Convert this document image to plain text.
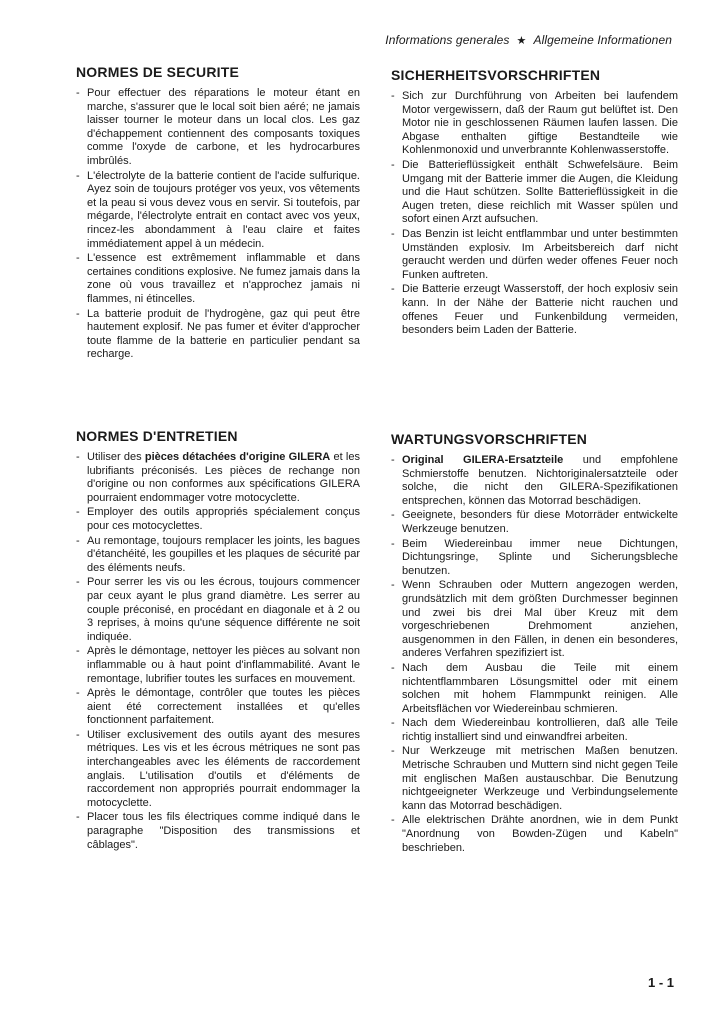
Informations generales ★ Allgemeine Informationen
NORMES DE SECURITE
- Pour effectuer des réparations le moteur étant en marche, s'assurer que le local soit bien aéré; ne jamais laisser tourner le moteur dans un local clos. Les gaz d'échappement contiennent des composants toxiques comme l'oxyde de carbone, et les hydrocarbures imbrûlés.
- L'électrolyte de la batterie contient de l'acide sulfurique. Ayez soin de toujours protéger vos yeux, vos vêtements et la peau si vous devez vous en servir. Si toutefois, par mégarde, l'électrolyte entrait en contact avec vos yeux, rincez-les abondamment à l'eau claire et faites immédiatement appel à un médecin.
- L'essence est extrêmement inflammable et dans certaines conditions explosive. Ne fumez jamais dans la zone où vous travaillez et n'approchez jamais ni flammes, ni étincelles.
- La batterie produit de l'hydrogène, gaz qui peut être hautement explosif. Ne pas fumer et éviter d'approcher toute flamme de la batterie en particulier pendant sa recharge.
SICHERHEITSVORSCHRIFTEN
- Sich zur Durchführung von Arbeiten bei laufendem Motor vergewissern, daß der Raum gut belüftet ist. Den Motor nie in geschlossenen Räumen laufen lassen. Die Abgase enthalten giftige Bestandteile wie Kohlenmonoxid und unverbrannte Kohlenwasserstoffe.
- Die Batterieflüssigkeit enthält Schwefelsäure. Beim Umgang mit der Batterie immer die Augen, die Kleidung und die Haut schützen. Sollte Batterieflüssigkeit in die Augen treten, diese reichlich mit Wasser spülen und sofort einen Arzt aufsuchen.
- Das Benzin ist leicht entflammbar und unter bestimmten Umständen explosiv. Im Arbeitsbereich darf nicht geraucht werden und dürfen weder offenes Feuer noch Funken auftreten.
- Die Batterie erzeugt Wasserstoff, der hoch explosiv sein kann. In der Nähe der Batterie nicht rauchen und offenes Feuer und Funkenbildung vermeiden, besonders beim Laden der Batterie.
NORMES D'ENTRETIEN
- Utiliser des pièces détachées d'origine GILERA et les lubrifiants préconisés. Les pièces de rechange non d'origine ou non conformes aux spécifications GILERA pourraient endommager votre motocyclette.
- Employer des outils appropriés spécialement conçus pour ces motocyclettes.
- Au remontage, toujours remplacer les joints, les bagues d'étanchéité, les goupilles et les plaques de sécurité par des éléments neufs.
- Pour serrer les vis ou les écrous, toujours commencer par ceux ayant le plus grand diamètre. Les serrer au couple préconisé, en procédant en diagonale et à 2 ou 3 reprises, à moins qu'une séquence différente ne soit indiquée.
- Après le démontage, nettoyer les pièces au solvant non inflammable ou à haut point d'inflammabilité. Avant le remontage, lubrifier toutes les surfaces en mouvement.
- Après le démontage, contrôler que toutes les pièces aient été correctement installées et qu'elles fonctionnent parfaitement.
- Utiliser exclusivement des outils ayant des mesures métriques. Les vis et les écrous métriques ne sont pas interchangeables avec les éléments de raccordement anglais. L'utilisation d'outils et d'éléments de raccordement non appropriés pourrait endommager la motocyclette.
- Placer tous les fils électriques comme indiqué dans le paragraphe "Disposition des transmissions et câblages".
WARTUNGSVORSCHRIFTEN
- Original GILERA-Ersatzteile und empfohlene Schmierstoffe benutzen. Nichtoriginalersatzteile oder solche, die nicht den GILERA-Spezifikationen entsprechen, können das Motorrad beschädigen.
- Geeignete, besonders für diese Motorräder entwickelte Werkzeuge benutzen.
- Beim Wiedereinbau immer neue Dichtungen, Dichtungsringe, Splinte und Sicherungsbleche benutzen.
- Wenn Schrauben oder Muttern angezogen werden, grundsätzlich mit dem größten Durchmesser beginnen und zwei bis drei Mal über Kreuz mit dem vorgeschriebenen Drehmoment anziehen, ausgenommen in den Fällen, in denen ein besonderes, anderes Verfahren spezifiziert ist.
- Nach dem Ausbau die Teile mit einem nichtentflammbaren Lösungsmittel oder mit einem solchen mit hohem Flammpunkt reinigen. Alle Arbeitsflächen vor Wiedereinbau schmieren.
- Nach dem Wiedereinbau kontrollieren, daß alle Teile richtig installiert sind und einwandfrei arbeiten.
- Nur Werkzeuge mit metrischen Maßen benutzen. Metrische Schrauben und Muttern sind nicht gegen Teile mit englischen Maßen austauschbar. Die Benutzung nichtgeeigneter Werkzeuge und Verbindungselemente kann das Motorrad beschädigen.
- Alle elektrischen Drähte anordnen, wie in dem Punkt "Anordnung von Bowden-Zügen und Kabeln" beschrieben.
1 - 1
